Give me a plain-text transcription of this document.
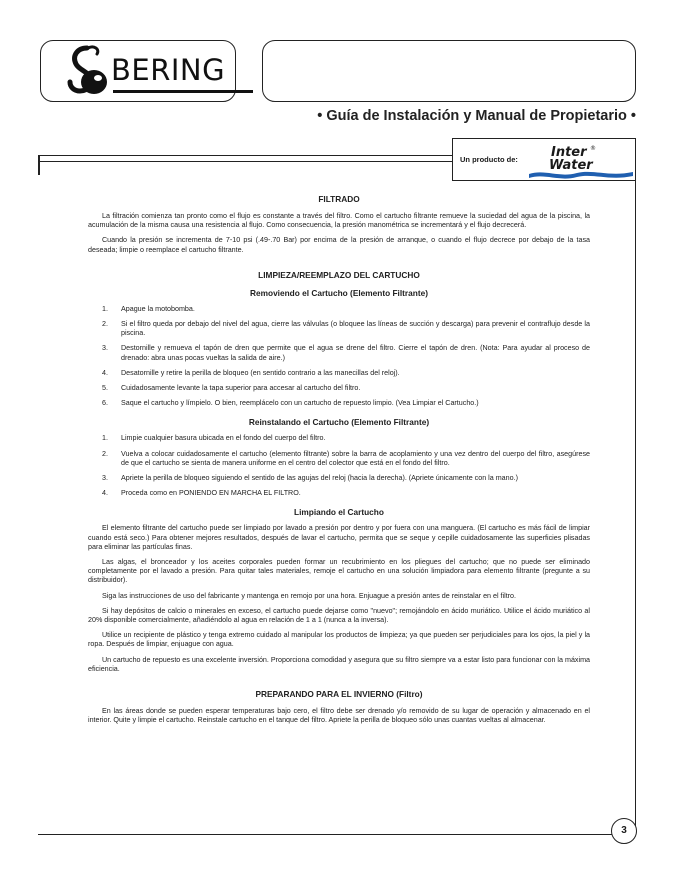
BERING
• Guía de Instalación y Manual de Propietario •
Un producto de:	Inter ®
Water
FILTRADO

La filtración comienza tan pronto como el flujo es constante a través del filtro. Como el cartucho filtrante remueve la suciedad del agua de la piscina, la acumulación de la misma causa una resistencia al flujo. Como consecuencia, la presión manométrica se incrementará y el flujo decrecerá.

Cuando la presión se incrementa de 7-10 psi (.49-.70 Bar) por encima de la presión de arranque, o cuando el flujo decrece por debajo de la tasa deseada; limpie o reemplace el cartucho filtrante.

LIMPIEZA/REEMPLAZO DEL CARTUCHO
Removiendo el Cartucho (Elemento Filtrante)
1. Apague la motobomba.
2. Si el filtro queda por debajo del nivel del agua, cierre las válvulas (o bloquee las líneas de succión y descarga) para prevenir el contraflujo desde la piscina.
3. Destornille y remueva el tapón de dren que permite que el agua se drene del filtro. Cierre el tapón de dren. (Nota: Para ayudar al proceso de drenado: abra unas pocas vueltas la salida de aire.)
4. Desatornille y retire la perilla de bloqueo (en sentido contrario a las manecillas del reloj).
5. Cuidadosamente levante la tapa superior para accesar al cartucho del filtro.
6. Saque el cartucho y límpielo. O bien, reemplácelo con un cartucho de repuesto limpio. (Vea Limpiar el Cartucho.)
Reinstalando el Cartucho (Elemento Filtrante)
1. Limpie cualquier basura ubicada en el fondo del cuerpo del filtro.
2. Vuelva a colocar cuidadosamente el cartucho (elemento filtrante) sobre la barra de acoplamiento y una vez dentro del cuerpo del filtro, asegúrese de que el cartucho se sienta de manera uniforme en el centro del colector que está en el fondo del filtro.
3. Apriete la perilla de bloqueo siguiendo el sentido de las agujas del reloj (hacia la derecha). (Apriete únicamente con la mano.)
4. Proceda como en PONIENDO EN MARCHA EL FILTRO.
Limpiando el Cartucho

El elemento filtrante del cartucho puede ser limpiado por lavado a presión por dentro y por fuera con una manguera. (El cartucho es más fácil de limpiar cuando está seco.) Para obtener mejores resultados, después de lavar el cartucho, permita que se seque y cepille cuidadosamente las superficies plisadas para eliminar las partículas finas.

Las algas, el bronceador y los aceites corporales pueden formar un recubrimiento en los pliegues del cartucho; que no puede ser eliminado completamente por el lavado a presión. Para quitar tales materiales, remoje el cartucho en una solución limpiadora para elemento filtrante (pregunte a su distribuidor).

Siga las instrucciones de uso del fabricante y mantenga en remojo por una hora. Enjuague a presión antes de reinstalar en el filtro.

Si hay depósitos de calcio o minerales en exceso, el cartucho puede dejarse como "nuevo"; remojándolo en ácido muriático. Utilice el ácido muriático al 20% disponible comercialmente, añadiéndolo al agua en relación de 1 a 1 (nunca a la inversa).

Utilice un recipiente de plástico y tenga extremo cuidado al manipular los productos de limpieza; ya que pueden ser perjudiciales para los ojos, la piel y la ropa. Después de limpiar, enjuague con agua.

Un cartucho de repuesto es una excelente inversión. Proporciona comodidad y asegura que su filtro siempre va a estar listo para funcionar con la máxima eficiencia.

PREPARANDO PARA EL INVIERNO (Filtro)

En las áreas donde se pueden esperar temperaturas bajo cero, el filtro debe ser drenado y/o removido de su lugar de operación y almacenado en el interior. Quite y limpie el cartucho. Reinstale cartucho en el tanque del filtro. Apriete la perilla de bloqueo sólo unas cuantas vueltas al almacenar.

3
